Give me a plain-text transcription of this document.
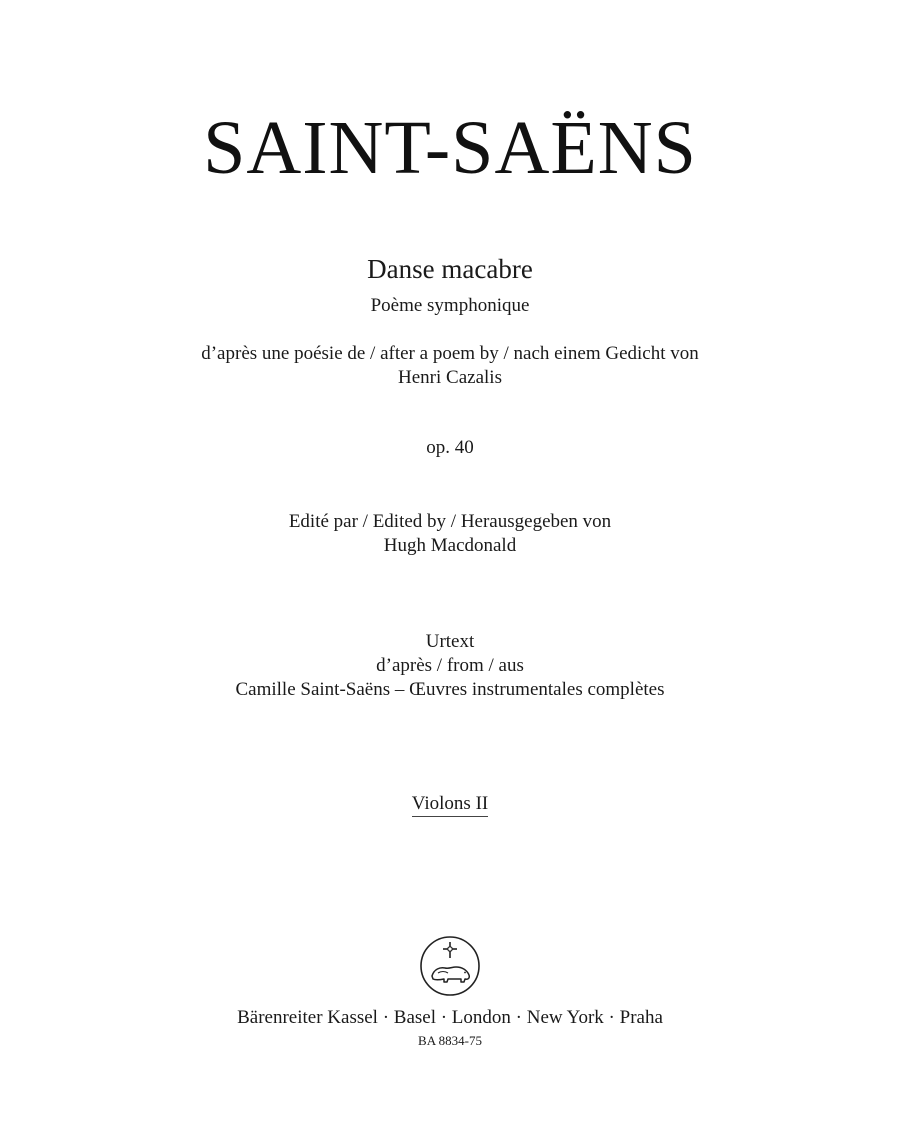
SAINT-SAËNS
Danse macabre
Poème symphonique
d’après une poésie de / after a poem by / nach einem Gedicht von
Henri Cazalis
op. 40
Edité par / Edited by / Herausgegeben von
Hugh Macdonald
Urtext
d’après / from / aus
Camille Saint-Saëns – Œuvres instrumentales complètes
Violons II
Bärenreiter Kassel · Basel · London · New York · Praha
BA 8834-75
